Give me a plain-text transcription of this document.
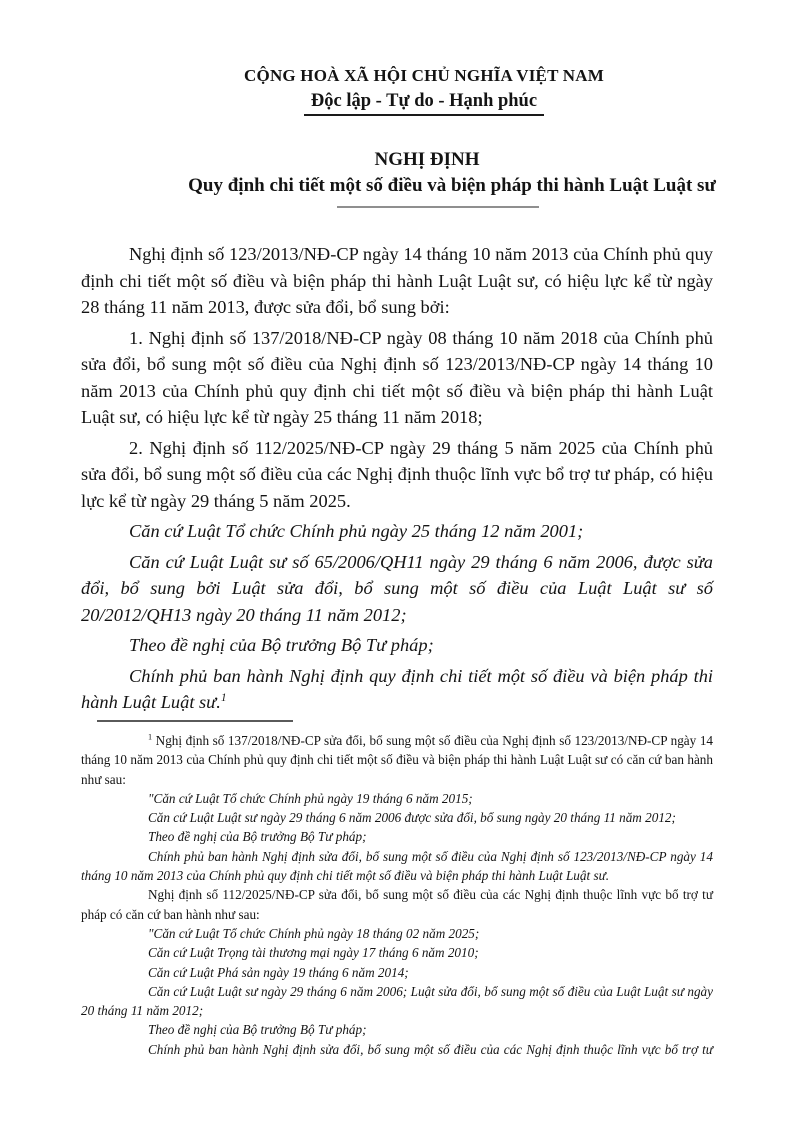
CỘNG HOÀ XÃ HỘI CHỦ NGHĨA VIỆT NAM
Độc lập - Tự do - Hạnh phúc
NGHỊ ĐỊNH
Quy định chi tiết một số điều và biện pháp thi hành Luật Luật sư

Nghị định số 123/2013/NĐ-CP ngày 14 tháng 10 năm 2013 của Chính phủ quy định chi tiết một số điều và biện pháp thi hành Luật Luật sư, có hiệu lực kể từ ngày 28 tháng 11 năm 2013, được sửa đổi, bổ sung bởi:

1. Nghị định số 137/2018/NĐ-CP ngày 08 tháng 10 năm 2018 của Chính phủ sửa đổi, bổ sung một số điều của Nghị định số 123/2013/NĐ-CP ngày 14 tháng 10 năm 2013 của Chính phủ quy định chi tiết một số điều và biện pháp thi hành Luật Luật sư, có hiệu lực kể từ ngày 25 tháng 11 năm 2018;

2. Nghị định số 112/2025/NĐ-CP ngày 29 tháng 5 năm 2025 của Chính phủ sửa đổi, bổ sung một số điều của các Nghị định thuộc lĩnh vực bổ trợ tư pháp, có hiệu lực kể từ ngày 29 tháng 5 năm 2025.

Căn cứ Luật Tổ chức Chính phủ ngày 25 tháng 12 năm 2001;

Căn cứ Luật Luật sư số 65/2006/QH11 ngày 29 tháng 6 năm 2006, được sửa đổi, bổ sung bởi Luật sửa đổi, bổ sung một số điều của Luật Luật sư số 20/2012/QH13 ngày 20 tháng 11 năm 2012;

Theo đề nghị của Bộ trưởng Bộ Tư pháp;

Chính phủ ban hành Nghị định quy định chi tiết một số điều và biện pháp thi hành Luật Luật sư.$^1$

$^1$ Nghị định số 137/2018/NĐ-CP sửa đổi, bổ sung một số điều của Nghị định số 123/2013/NĐ-CP ngày 14 tháng 10 năm 2013 của Chính phủ quy định chi tiết một số điều và biện pháp thi hành Luật Luật sư có căn cứ ban hành như sau:

"Căn cứ Luật Tổ chức Chính phủ ngày 19 tháng 6 năm 2015;

Căn cứ Luật Luật sư ngày 29 tháng 6 năm 2006 được sửa đổi, bổ sung ngày 20 tháng 11 năm 2012;

Theo đề nghị của Bộ trưởng Bộ Tư pháp;

Chính phủ ban hành Nghị định sửa đổi, bổ sung một số điều của Nghị định số 123/2013/NĐ-CP ngày 14 tháng 10 năm 2013 của Chính phủ quy định chi tiết một số điều và biện pháp thi hành Luật Luật sư.

Nghị định số 112/2025/NĐ-CP sửa đổi, bổ sung một số điều của các Nghị định thuộc lĩnh vực bổ trợ tư pháp có căn cứ ban hành như sau:

"Căn cứ Luật Tổ chức Chính phủ ngày 18 tháng 02 năm 2025;

Căn cứ Luật Trọng tài thương mại ngày 17 tháng 6 năm 2010;

Căn cứ Luật Phá sản ngày 19 tháng 6 năm 2014;

Căn cứ Luật Luật sư ngày 29 tháng 6 năm 2006; Luật sửa đổi, bổ sung một số điều của Luật Luật sư ngày 20 tháng 11 năm 2012;

Theo đề nghị của Bộ trưởng Bộ Tư pháp;

Chính phủ ban hành Nghị định sửa đổi, bổ sung một số điều của các Nghị định thuộc lĩnh vực bổ trợ tư
